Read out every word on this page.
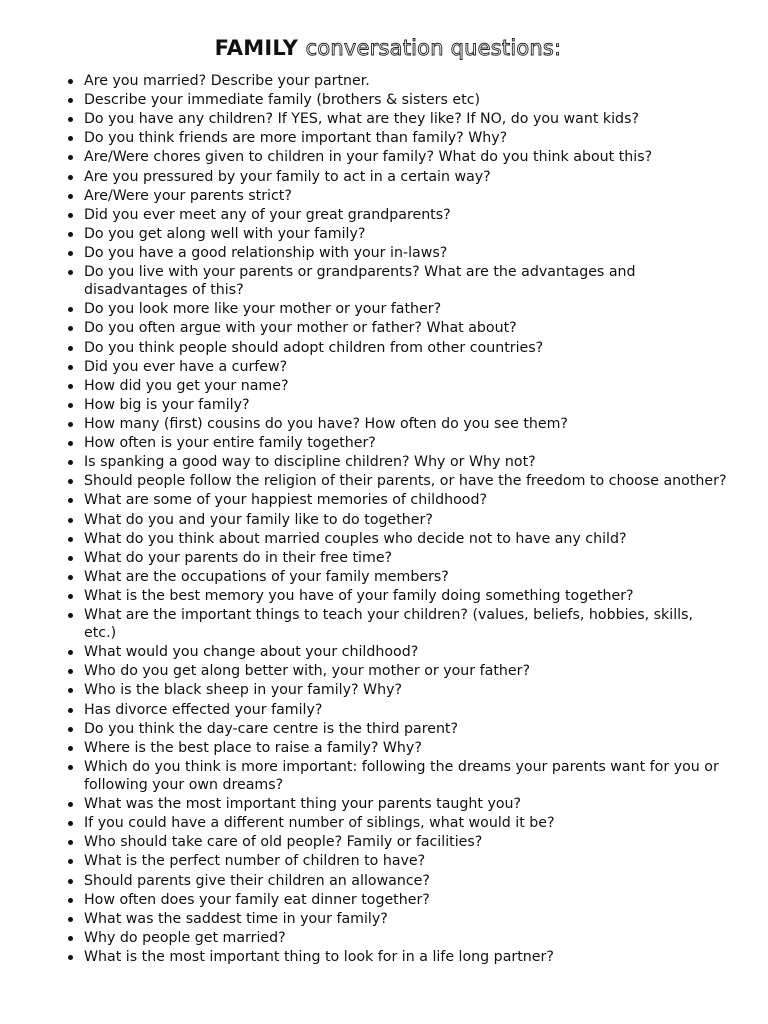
FAMILY conversation questions:
Are you married? Describe your partner.
Describe your immediate family (brothers & sisters etc)
Do you have any children? If YES, what are they like? If NO, do you want kids?
Do you think friends are more important than family? Why?
Are/Were chores given to children in your family? What do you think about this?
Are you pressured by your family to act in a certain way?
Are/Were your parents strict?
Did you ever meet any of your great grandparents?
Do you get along well with your family?
Do you have a good relationship with your in-laws?
Do you live with your parents or grandparents? What are the advantages and disadvantages of this?
Do you look more like your mother or your father?
Do you often argue with your mother or father? What about?
Do you think people should adopt children from other countries?
Did you ever have a curfew?
How did you get your name?
How big is your family?
How many (first) cousins do you have? How often do you see them?
How often is your entire family together?
Is spanking a good way to discipline children? Why or Why not?
Should people follow the religion of their parents, or have the freedom to choose another?
What are some of your happiest memories of childhood?
What do you and your family like to do together?
What do you think about married couples who decide not to have any child?
What do your parents do in their free time?
What are the occupations of your family members?
What is the best memory you have of your family doing something together?
What are the important things to teach your children? (values, beliefs, hobbies, skills, etc.)
What would you change about your childhood?
Who do you get along better with, your mother or your father?
Who is the black sheep in your family? Why?
Has divorce effected your family?
Do you think the day-care centre is the third parent?
Where is the best place to raise a family? Why?
Which do you think is more important: following the dreams your parents want for you or following your own dreams?
What was the most important thing your parents taught you?
If you could have a different number of siblings, what would it be?
Who should take care of old people? Family or facilities?
What is the perfect number of children to have?
Should parents give their children an allowance?
How often does your family eat dinner together?
What was the saddest time in your family?
Why do people get married?
What is the most important thing to look for in a life long partner?
